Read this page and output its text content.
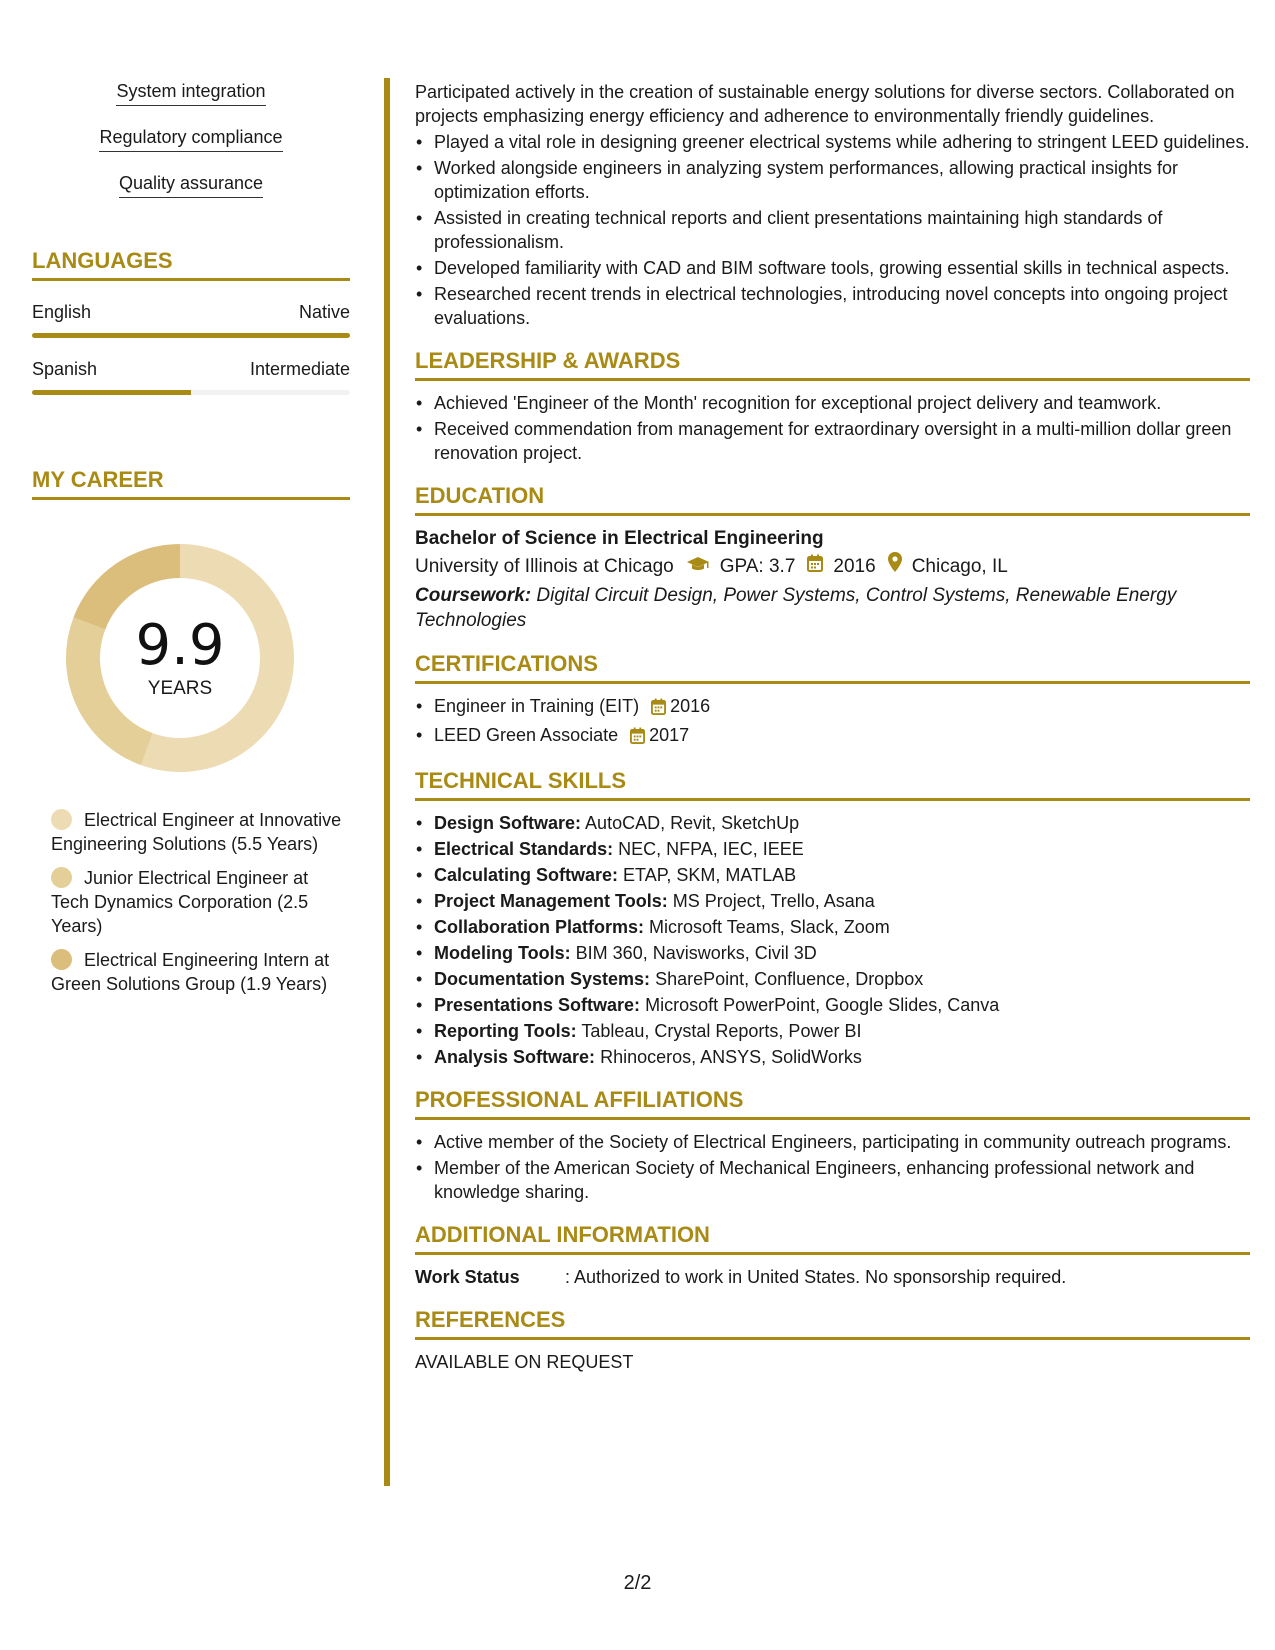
System integration
Regulatory compliance
Quality assurance
LANGUAGES
English	Native
Spanish	Intermediate
MY CAREER
9.9
YEARS
Electrical Engineer at Innovative Engineering Solutions (5.5 Years)
Junior Electrical Engineer at Tech Dynamics Corporation (2.5 Years)
Electrical Engineering Intern at Green Solutions Group (1.9 Years)

Participated actively in the creation of sustainable energy solutions for diverse sectors. Collaborated on projects emphasizing energy efficiency and adherence to environmentally friendly guidelines.

• Played a vital role in designing greener electrical systems while adhering to stringent LEED guidelines.
• Worked alongside engineers in analyzing system performances, allowing practical insights for optimization efforts.
• Assisted in creating technical reports and client presentations maintaining high standards of professionalism.
• Developed familiarity with CAD and BIM software tools, growing essential skills in technical aspects.
• Researched recent trends in electrical technologies, introducing novel concepts into ongoing project evaluations.
LEADERSHIP & AWARDS
• Achieved 'Engineer of the Month' recognition for exceptional project delivery and teamwork.
• Received commendation from management for extraordinary oversight in a multi-million dollar green renovation project.
EDUCATION
Bachelor of Science in Electrical Engineering
University of Illinois at Chicago GPA: 3.7 2016 Chicago, IL
Coursework: Digital Circuit Design, Power Systems, Control Systems, Renewable Energy Technologies
CERTIFICATIONS
• Engineer in Training (EIT) 2016
• LEED Green Associate 2017
TECHNICAL SKILLS
• Design Software: AutoCAD, Revit, SketchUp
• Electrical Standards: NEC, NFPA, IEC, IEEE
• Calculating Software: ETAP, SKM, MATLAB
• Project Management Tools: MS Project, Trello, Asana
• Collaboration Platforms: Microsoft Teams, Slack, Zoom
• Modeling Tools: BIM 360, Navisworks, Civil 3D
• Documentation Systems: SharePoint, Confluence, Dropbox
• Presentations Software: Microsoft PowerPoint, Google Slides, Canva
• Reporting Tools: Tableau, Crystal Reports, Power BI
• Analysis Software: Rhinoceros, ANSYS, SolidWorks
PROFESSIONAL AFFILIATIONS
• Active member of the Society of Electrical Engineers, participating in community outreach programs.
• Member of the American Society of Mechanical Engineers, enhancing professional network and knowledge sharing.
ADDITIONAL INFORMATION
Work Status	: Authorized to work in United States. No sponsorship required.
REFERENCES
AVAILABLE ON REQUEST
2/2
